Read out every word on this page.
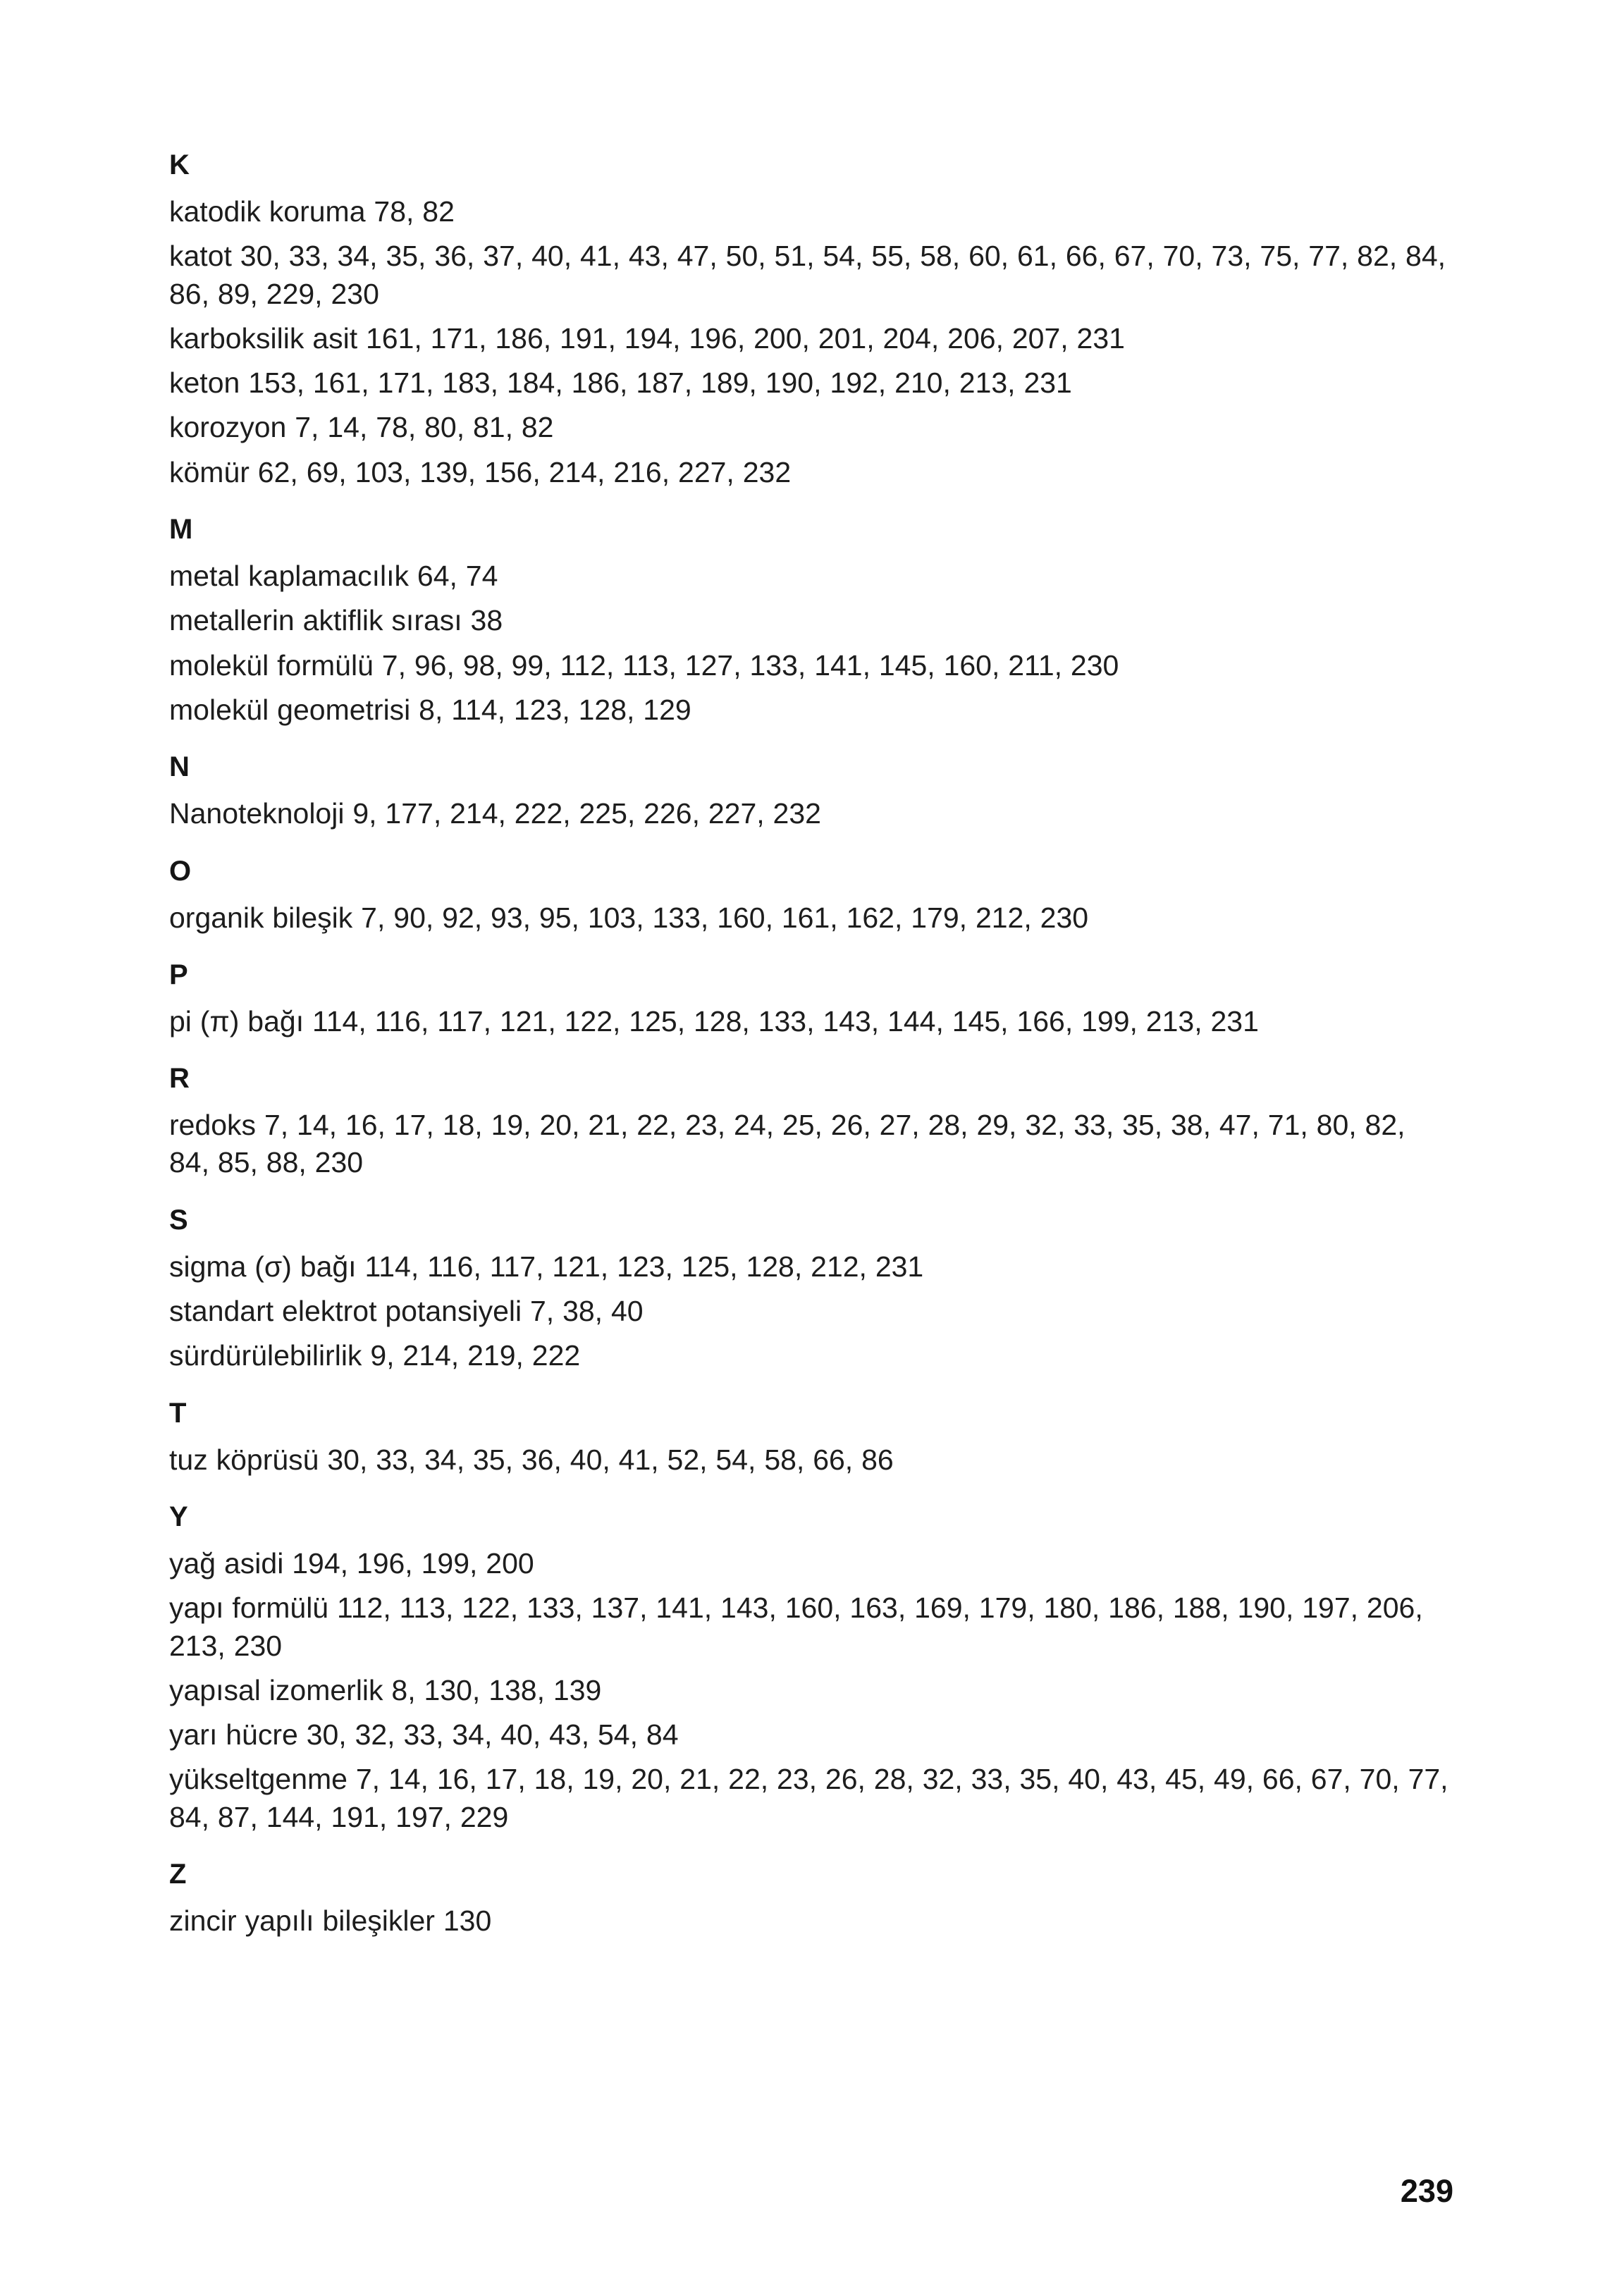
K
katodik koruma 78, 82
katot 30, 33, 34, 35, 36, 37, 40, 41, 43, 47, 50, 51, 54, 55, 58, 60, 61, 66, 67, 70, 73, 75, 77, 82, 84, 86, 89, 229, 230
karboksilik asit 161, 171, 186, 191, 194, 196, 200, 201, 204, 206, 207, 231
keton 153, 161, 171, 183, 184, 186, 187, 189, 190, 192, 210, 213, 231
korozyon 7, 14, 78, 80, 81, 82
kömür 62, 69, 103, 139, 156, 214, 216, 227, 232
M
metal kaplamacılık 64, 74
metallerin aktiflik sırası 38
molekül formülü 7, 96, 98, 99, 112, 113, 127, 133, 141, 145, 160, 211, 230
molekül geometrisi 8, 114, 123, 128, 129
N
Nanoteknoloji 9, 177, 214, 222, 225, 226, 227, 232
O
organik bileşik 7, 90, 92, 93, 95, 103, 133, 160, 161, 162, 179, 212, 230
P
pi (π) bağı 114, 116, 117, 121, 122, 125, 128, 133, 143, 144, 145, 166, 199, 213, 231
R
redoks 7, 14, 16, 17, 18, 19, 20, 21, 22, 23, 24, 25, 26, 27, 28, 29, 32, 33, 35, 38, 47, 71, 80, 82, 84, 85, 88, 230
S
sigma (σ) bağı 114, 116, 117, 121, 123, 125, 128, 212, 231
standart elektrot potansiyeli 7, 38, 40
sürdürülebilirlik 9, 214, 219, 222
T
tuz köprüsü 30, 33, 34, 35, 36, 40, 41, 52, 54, 58, 66, 86
Y
yağ asidi 194, 196, 199, 200
yapı formülü 112, 113, 122, 133, 137, 141, 143, 160, 163, 169, 179, 180, 186, 188, 190, 197, 206, 213, 230
yapısal izomerlik 8, 130, 138, 139
yarı hücre 30, 32, 33, 34, 40, 43, 54, 84
yükseltgenme 7, 14, 16, 17, 18, 19, 20, 21, 22, 23, 26, 28, 32, 33, 35, 40, 43, 45, 49, 66, 67, 70, 77, 84, 87, 144, 191, 197, 229
Z
zincir yapılı bileşikler 130
239
